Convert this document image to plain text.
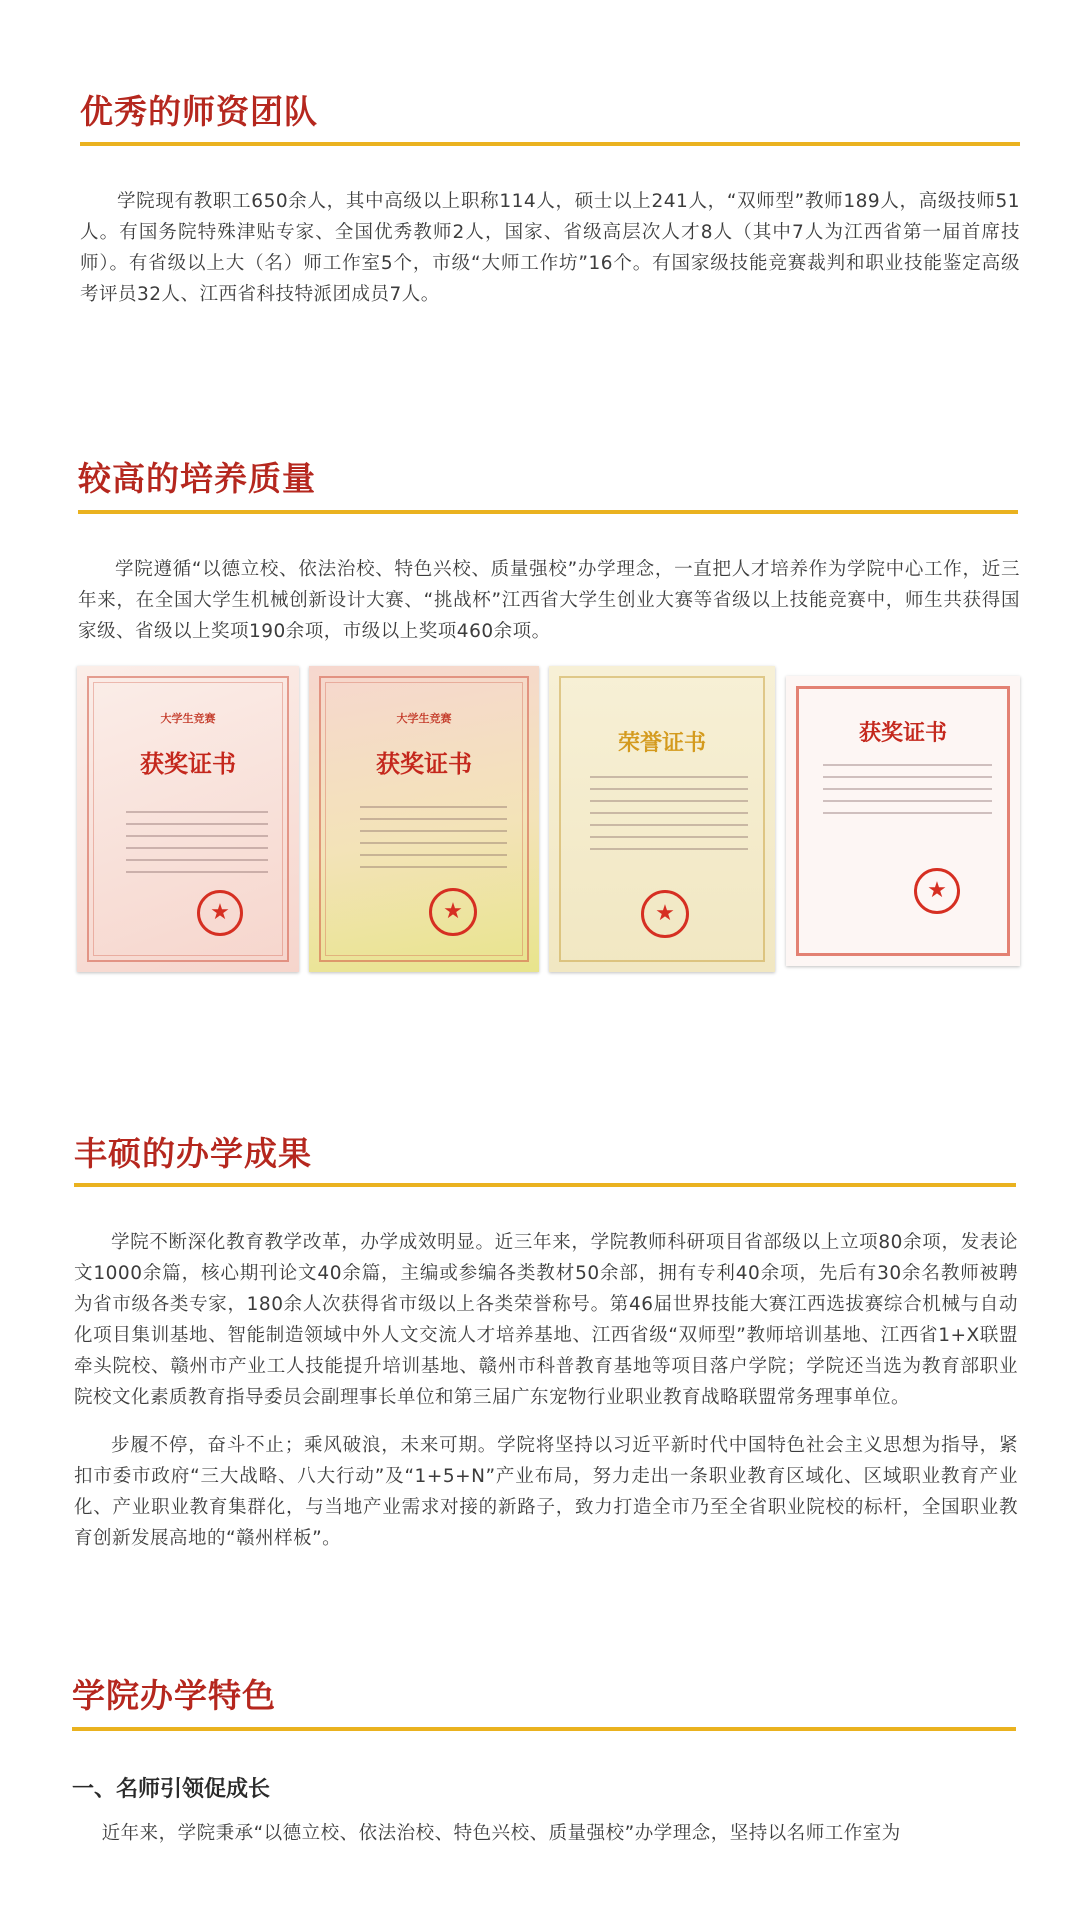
优秀的师资团队

学院现有教职工650余人，其中高级以上职称114人，硕士以上241人，“双师型”教师189人，高级技师51人。有国务院特殊津贴专家、全国优秀教师2人，国家、省级高层次人才8人（其中7人为江西省第一届首席技师）。有省级以上大（名）师工作室5个，市级“大师工作坊”16个。有国家级技能竞赛裁判和职业技能鉴定高级考评员32人、江西省科技特派团成员7人。

较高的培养质量

学院遵循“以德立校、依法治校、特色兴校、质量强校”办学理念，一直把人才培养作为学院中心工作，近三年来，在全国大学生机械创新设计大赛、“挑战杯”江西省大学生创业大赛等省级以上技能竞赛中，师生共获得国家级、省级以上奖项190余项，市级以上奖项460余项。

大学生竞赛
获奖证书
★
大学生竞赛
获奖证书
★
荣誉证书
★
获奖证书
★
丰硕的办学成果

学院不断深化教育教学改革，办学成效明显。近三年来，学院教师科研项目省部级以上立项80余项，发表论文1000余篇，核心期刊论文40余篇，主编或参编各类教材50余部，拥有专利40余项，先后有30余名教师被聘为省市级各类专家，180余人次获得省市级以上各类荣誉称号。第46届世界技能大赛江西选拔赛综合机械与自动化项目集训基地、智能制造领域中外人文交流人才培养基地、江西省级“双师型”教师培训基地、江西省1+X联盟牵头院校、赣州市产业工人技能提升培训基地、赣州市科普教育基地等项目落户学院；学院还当选为教育部职业院校文化素质教育指导委员会副理事长单位和第三届广东宠物行业职业教育战略联盟常务理事单位。

步履不停，奋斗不止；乘风破浪，未来可期。学院将坚持以习近平新时代中国特色社会主义思想为指导，紧扣市委市政府“三大战略、八大行动”及“1+5+N”产业布局，努力走出一条职业教育区域化、区域职业教育产业化、产业职业教育集群化，与当地产业需求对接的新路子，致力打造全市乃至全省职业院校的标杆，全国职业教育创新发展高地的“赣州样板”。

学院办学特色
一、名师引领促成长

近年来，学院秉承“以德立校、依法治校、特色兴校、质量强校”办学理念，坚持以名师工作室为
